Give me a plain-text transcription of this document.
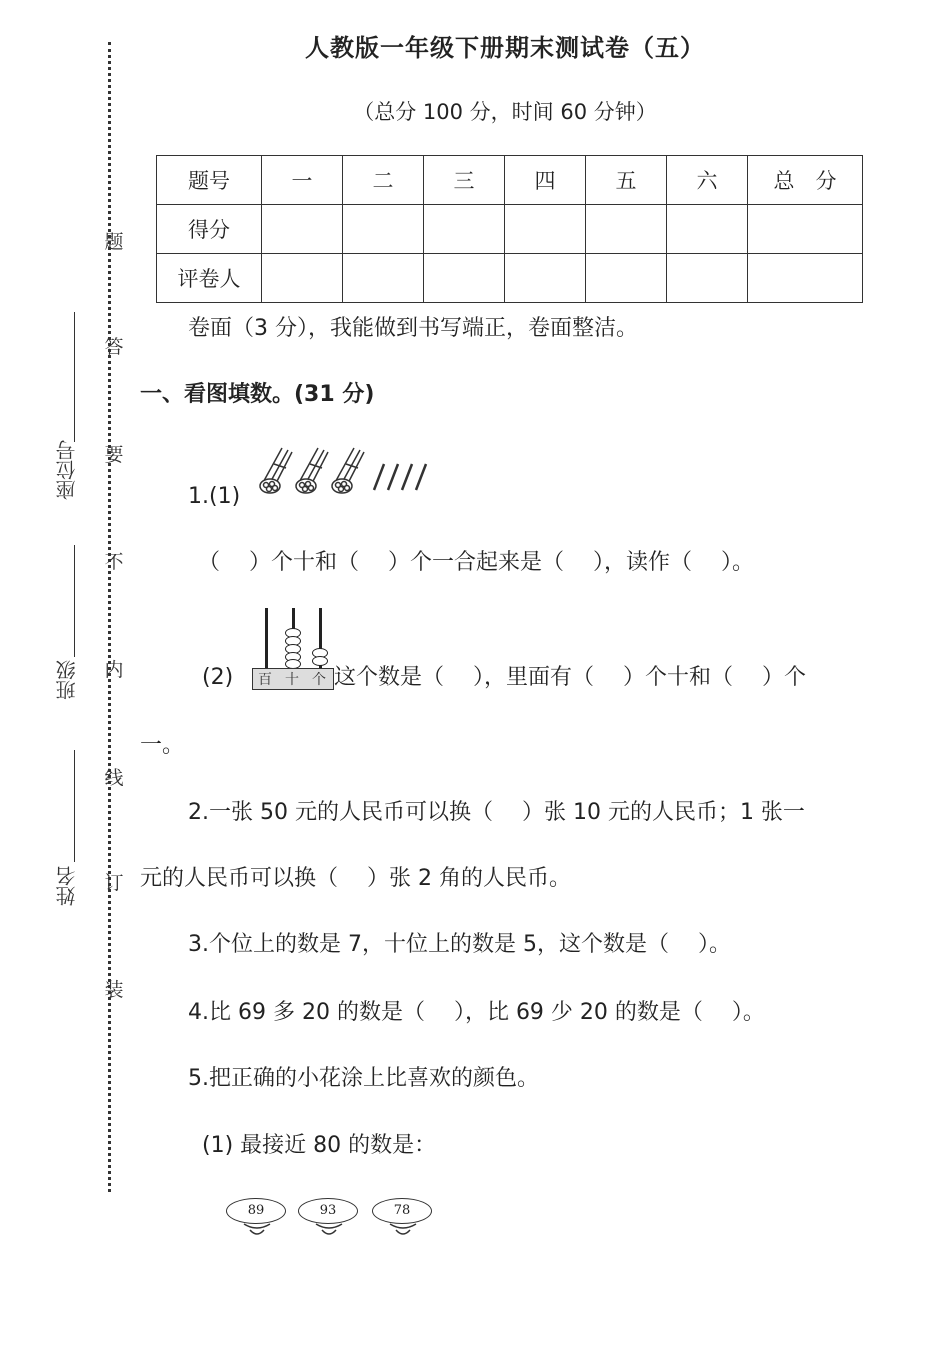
题
答
要
不
内
线
订
装
座位号
班级
姓名
人教版一年级下册期末测试卷（五）
（总分 100 分，时间 60 分钟）
题号	一	二	三	四	五	六	总　分
得分							
评卷人							
卷面（3 分），我能做到书写端正，卷面整洁。
一、看图填数。(31 分)
1.(1)
（　 ）个十和（　 ）个一合起来是（　 ），读作（　 ）。
百 十 个
(2)	这个数是（　 ），里面有（　 ）个十和（　 ）个
一。
2.一张 50 元的人民币可以换（　 ）张 10 元的人民币；1 张一
元的人民币可以换（　 ）张 2 角的人民币。
3.个位上的数是 7，十位上的数是 5，这个数是（　 ）。
4.比 69 多 20 的数是（　 ），比 69 少 20 的数是（　 ）。
5.把正确的小花涂上比喜欢的颜色。
(1) 最接近 80 的数是：
89	93	78
